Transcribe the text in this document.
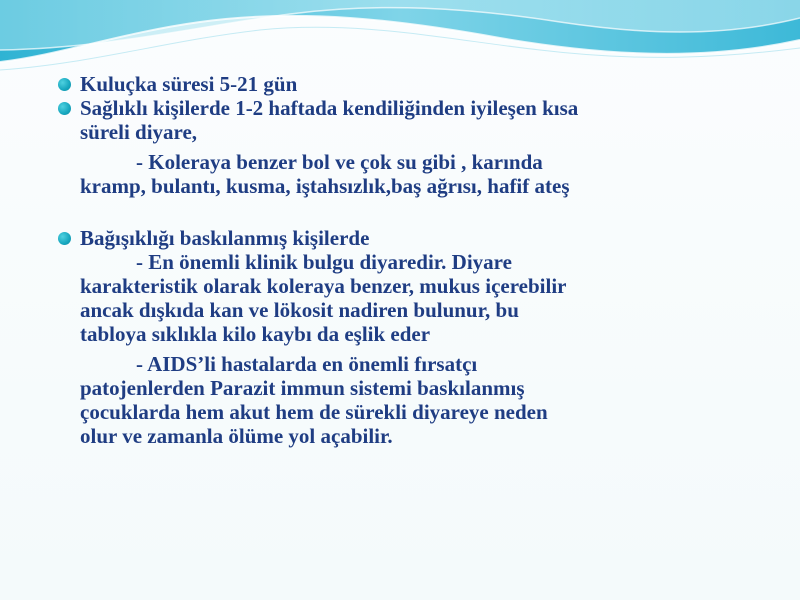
Kuluçka süresi 5-21 gün
Sağlıklı kişilerde 1-2 haftada kendiliğinden iyileşen kısa
süreli diyare,
- Koleraya benzer bol ve çok su gibi , karında
kramp, bulantı, kusma, iştahsızlık,baş ağrısı, hafif ateş
Bağışıklığı baskılanmış kişilerde
- En önemli klinik bulgu diyaredir. Diyare
karakteristik olarak koleraya benzer, mukus içerebilir
ancak dışkıda kan ve lökosit nadiren bulunur, bu
tabloya sıklıkla kilo kaybı da eşlik eder
- AIDS’li hastalarda en önemli fırsatçı
patojenlerden Parazit immun sistemi baskılanmış
çocuklarda hem akut hem de sürekli diyareye neden
olur ve zamanla ölüme yol açabilir.
